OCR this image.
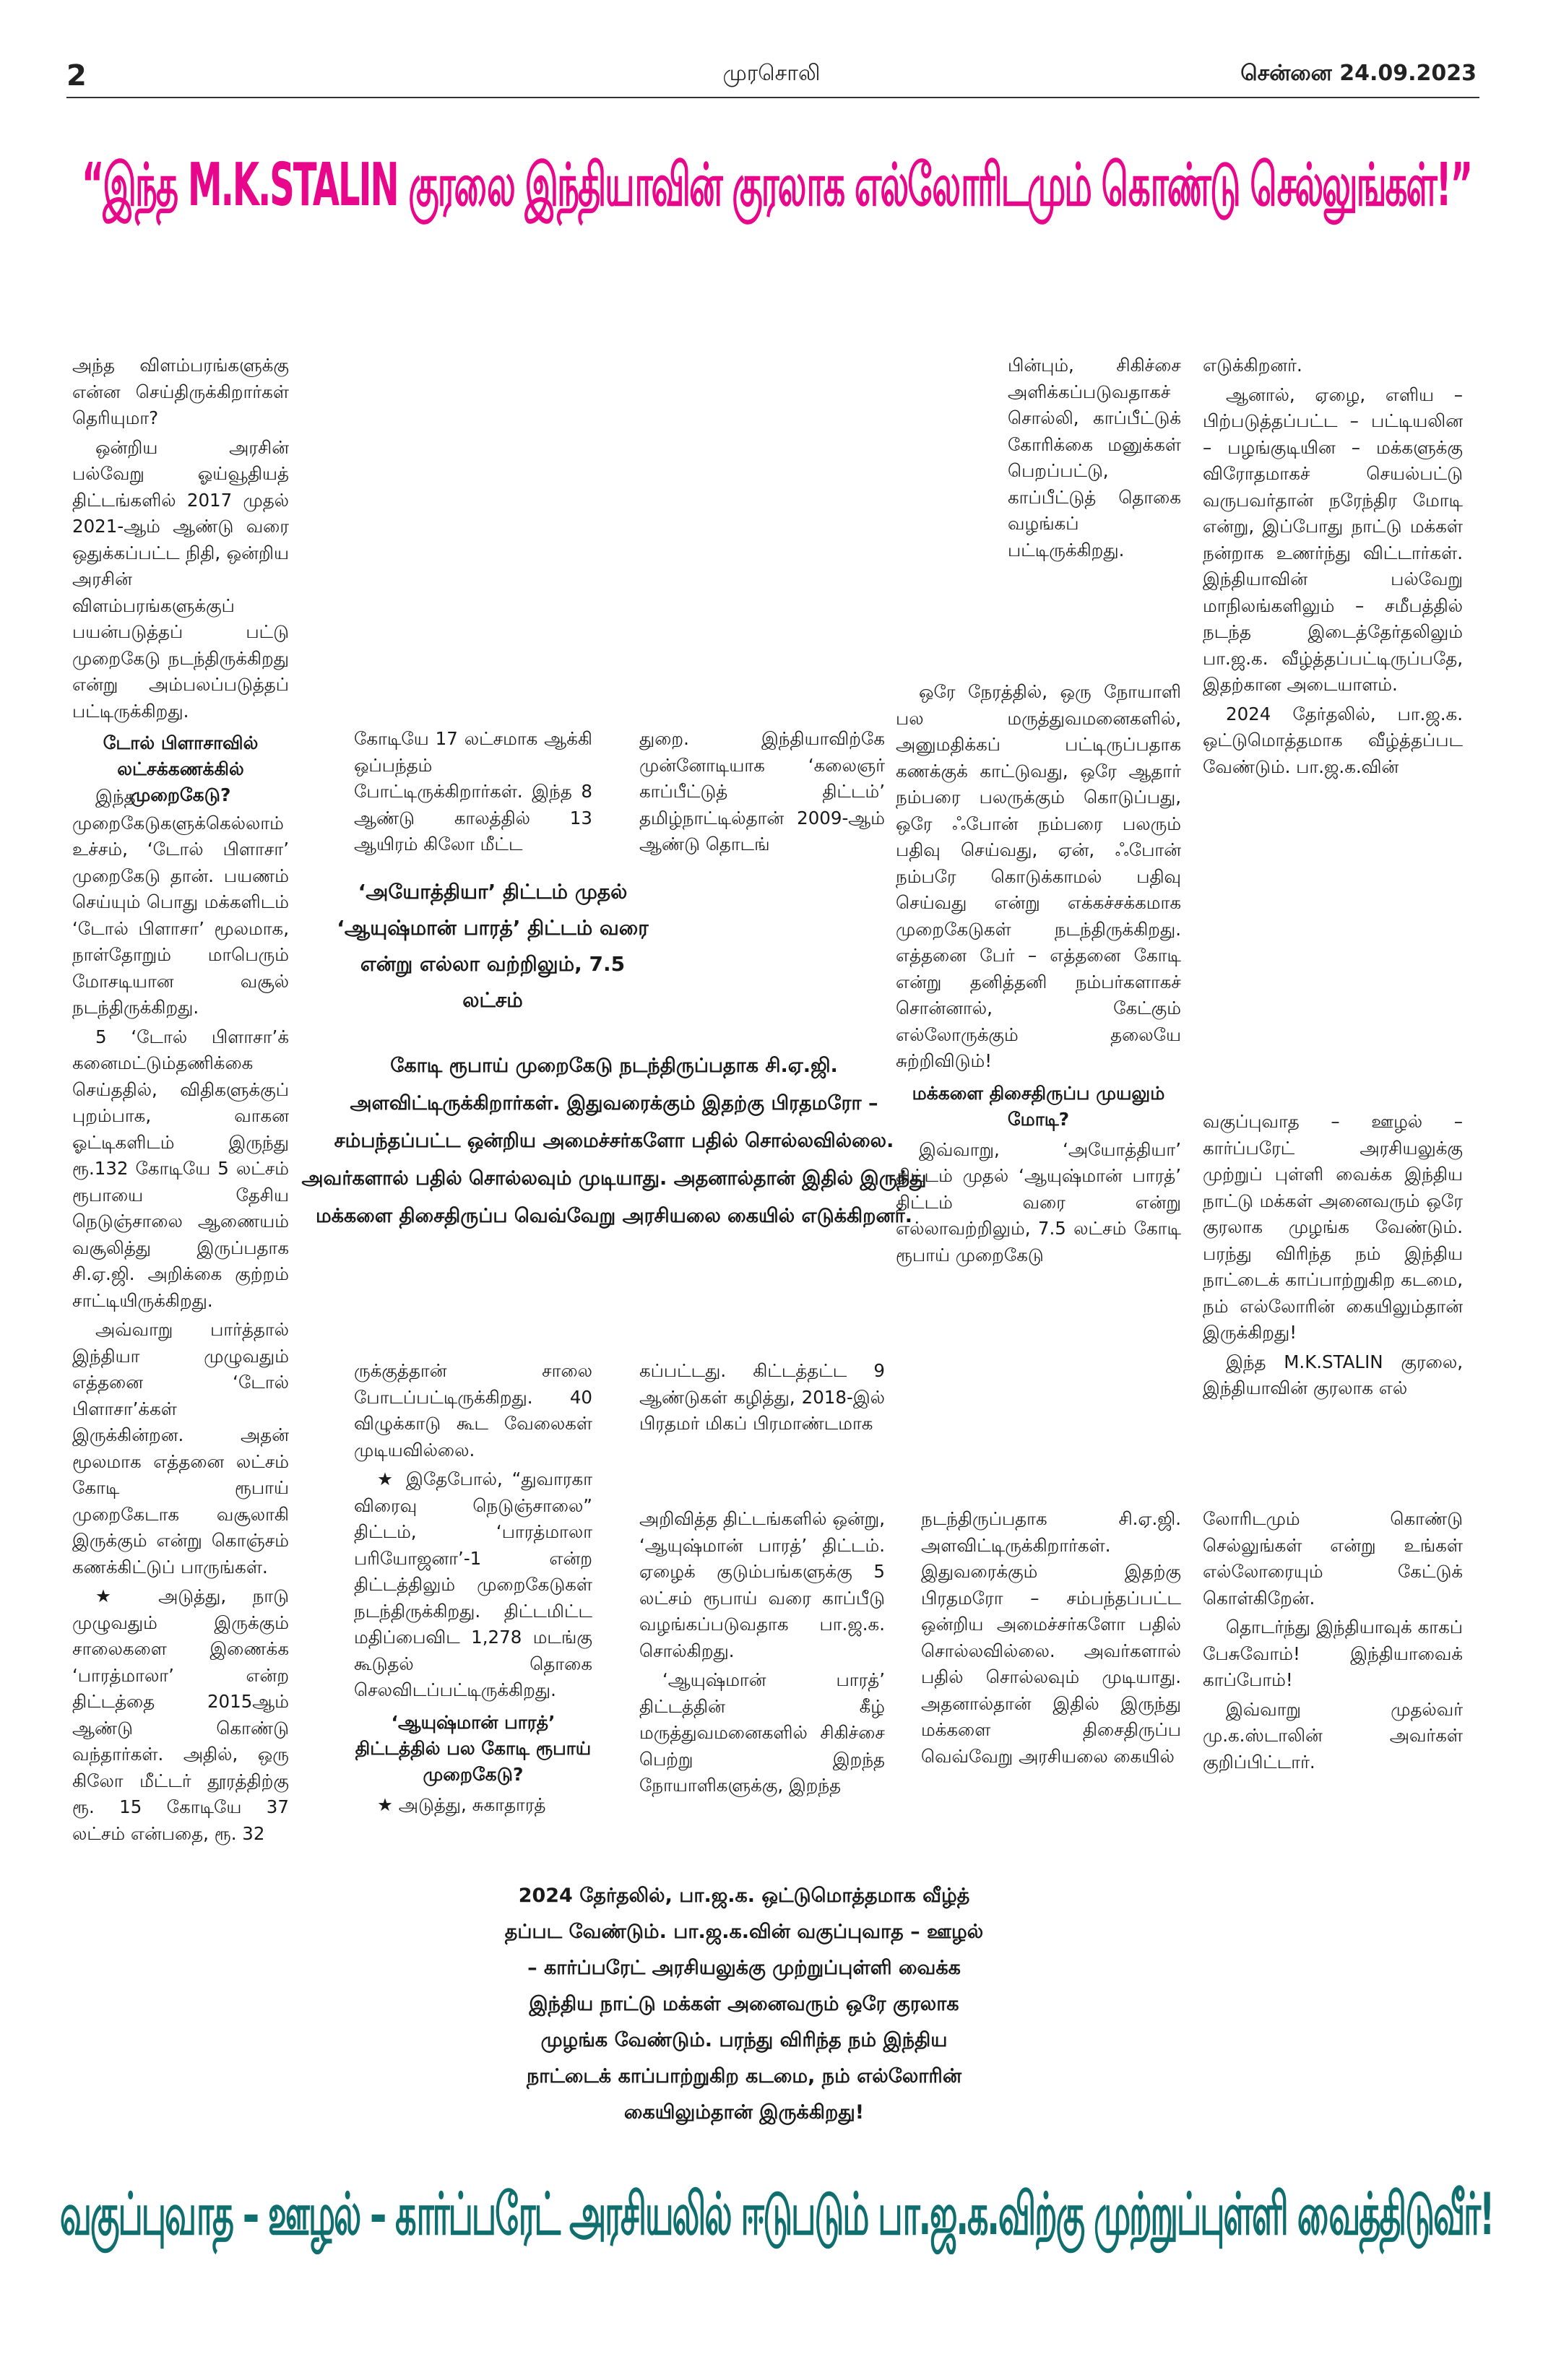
2	முரசொலி	சென்னை 24.09.2023
“இந்த M.K.STALIN குரலை இந்தியாவின் குரலாக எல்லோரிடமும் கொண்டு செல்லுங்கள்!”

அந்த விளம்பரங்களுக்கு என்ன செய்திருக்கிறார்கள் தெரியுமா?

ஒன்றிய அரசின் பல்வேறு ஓய்வூதியத் திட்டங்களில் 2017 முதல் 2021-ஆம் ஆண்டு வரை ஒதுக்கப்பட்ட நிதி, ஒன்றிய அரசின் விளம்பரங்களுக்குப் பயன்படுத்தப் பட்டு முறைகேடு நடந்திருக்கிறது என்று அம்பலப்படுத்தப் பட்டிருக்கிறது.

டோல் பிளாசாவில் லட்சக்கணக்கில் முறைகேடு?

இந்த முறைகேடுகளுக்கெல்லாம் உச்சம், ‘டோல் பிளாசா’ முறைகேடு தான். பயணம் செய்யும் பொது மக்களிடம் ‘டோல் பிளாசா’ மூலமாக, நாள்தோறும் மாபெரும் மோசடியான வசூல் நடந்திருக்கிறது.

5 ‘டோல் பிளாசா’க் கனைமட்டும்தணிக்கை செய்ததில், விதிகளுக்குப் புறம்பாக, வாகன ஓட்டிகளிடம் இருந்து ரூ.132 கோடியே 5 லட்சம் ரூபாயை தேசிய நெடுஞ்சாலை ஆணையம் வசூலித்து இருப்பதாக சி.ஏ.ஜி. அறிக்கை குற்றம் சாட்டியிருக்கிறது.

அவ்வாறு பார்த்தால் இந்தியா முழுவதும் எத்தனை ‘டோல் பிளாசா’க்கள் இருக்கின்றன. அதன் மூலமாக எத்தனை லட்சம் கோடி ரூபாய் முறைகேடாக வசூலாகி இருக்கும் என்று கொஞ்சம் கணக்கிட்டுப் பாருங்கள்.

★ அடுத்து, நாடு முழுவதும் இருக்கும் சாலைகளை இணைக்க ‘பாரத்மாலா’ என்ற திட்டத்தை 2015ஆம் ஆண்டு கொண்டு வந்தார்கள். அதில், ஒரு கிலோ மீட்டர் தூரத்திற்கு ரூ. 15 கோடியே 37 லட்சம் என்பதை, ரூ. 32

கோடியே 17 லட்சமாக ஆக்கி ஒப்பந்தம் போட்டிருக்கிறார்கள். இந்த 8 ஆண்டு காலத்தில் 13 ஆயிரம் கிலோ மீட்ட

ருக்குத்தான் சாலை போடப்பட்டிருக்கிறது. 40 விழுக்காடு கூட வேலைகள் முடியவில்லை.

★ இதேபோல், “துவாரகா விரைவு நெடுஞ்சாலை” திட்டம், ‘பாரத்மாலா பரியோஜனா’-1 என்ற திட்டத்திலும் முறைகேடுகள் நடந்திருக்கிறது. திட்டமிட்ட மதிப்பைவிட 1,278 மடங்கு கூடுதல் தொகை செலவிடப்பட்டிருக்கிறது.

‘ஆயுஷ்மான் பாரத்’ திட்டத்தில் பல கோடி ரூபாய் முறைகேடு?

★ அடுத்து, சுகாதாரத்

துறை. இந்தியாவிற்கே முன்னோடியாக ‘கலைஞர் காப்பீட்டுத் திட்டம்’ தமிழ்நாட்டில்தான் 2009-ஆம் ஆண்டு தொடங்

கப்பட்டது. கிட்டத்தட்ட 9 ஆண்டுகள் கழித்து, 2018-இல் பிரதமர் மிகப் பிரமாண்டமாக

அறிவித்த திட்டங்களில் ஒன்று, ‘ஆயுஷ்மான் பாரத்’ திட்டம். ஏழைக் குடும்பங்களுக்கு 5 லட்சம் ரூபாய் வரை காப்பீடு வழங்கப்படுவதாக பா.ஜ.க. சொல்கிறது.

‘ஆயுஷ்மான் பாரத்’ திட்டத்தின் கீழ் மருத்துவமனைகளில் சிகிச்சை பெற்று இறந்த நோயாளிகளுக்கு, இறந்த

பின்பும், சிகிச்சை அளிக்கப்படுவதாகச் சொல்லி, காப்பீட்டுக் கோரிக்கை மனுக்கள் பெறப்பட்டு, காப்பீட்டுத் தொகை வழங்கப் பட்டிருக்கிறது.

ஒரே நேரத்தில், ஒரு நோயாளி பல மருத்துவமனைகளில், அனுமதிக்கப் பட்டிருப்பதாக கணக்குக் காட்டுவது, ஒரே ஆதார் நம்பரை பலருக்கும் கொடுப்பது, ஒரே ஃபோன் நம்பரை பலரும் பதிவு செய்வது, ஏன், ஃபோன் நம்பரே கொடுக்காமல் பதிவு செய்வது என்று எக்கச்சக்கமாக முறைகேடுகள் நடந்திருக்கிறது. எத்தனை பேர் – எத்தனை கோடி என்று தனித்தனி நம்பர்களாகச் சொன்னால், கேட்கும் எல்லோருக்கும் தலையே சுற்றிவிடும்!

மக்களை திசைதிருப்ப முயலும் மோடி?

இவ்வாறு, ‘அயோத்தியா’ திட்டம் முதல் ‘ஆயுஷ்மான் பாரத்’ திட்டம் வரை என்று எல்லாவற்றிலும், 7.5 லட்சம் கோடி ரூபாய் முறைகேடு

நடந்திருப்பதாக சி.ஏ.ஜி. அளவிட்டிருக்கிறார்கள். இதுவரைக்கும் இதற்கு பிரதமரோ – சம்பந்தப்பட்ட ஒன்றிய அமைச்சர்களோ பதில் சொல்லவில்லை. அவர்களால் பதில் சொல்லவும் முடியாது. அதனால்தான் இதில் இருந்து மக்களை திசைதிருப்ப வெவ்வேறு அரசியலை கையில்

எடுக்கிறனர்.

ஆனால், ஏழை, எளிய – பிற்படுத்தப்பட்ட – பட்டியலின – பழங்குடியின – மக்களுக்கு விரோதமாகச் செயல்பட்டு வருபவர்தான் நரேந்திர மோடி என்று, இப்போது நாட்டு மக்கள் நன்றாக உணர்ந்து விட்டார்கள். இந்தியாவின் பல்வேறு மாநிலங்களிலும் – சமீபத்தில் நடந்த இடைத்தேர்தலிலும் பா.ஜ.க. வீழ்த்தப்பட்டிருப்பதே, இதற்கான அடையாளம்.

2024 தேர்தலில், பா.ஜ.க. ஒட்டுமொத்தமாக வீழ்த்தப்பட வேண்டும். பா.ஜ.க.வின்

வகுப்புவாத – ஊழல் – கார்ப்பரேட் அரசியலுக்கு முற்றுப் புள்ளி வைக்க இந்திய நாட்டு மக்கள் அனைவரும் ஒரே குரலாக முழங்க வேண்டும். பரந்து விரிந்த நம் இந்திய நாட்டைக் காப்பாற்றுகிற கடமை, நம் எல்லோரின் கையிலும்தான் இருக்கிறது!

இந்த M.K.STALIN குரலை, இந்தியாவின் குரலாக எல்

லோரிடமும் கொண்டு செல்லுங்கள் என்று உங்கள் எல்லோரையும் கேட்டுக் கொள்கிறேன்.

தொடர்ந்து இந்தியாவுக் காகப் பேசுவோம்! இந்தியாவைக் காப்போம்!

இவ்வாறு முதல்வர் மு.க.ஸ்டாலின் அவர்கள் குறிப்பிட்டார்.

‘அயோத்தியா’ திட்டம் முதல் ‘ஆயுஷ்மான் பாரத்’ திட்டம் வரை என்று எல்லா வற்றிலும், 7.5 லட்சம்
கோடி ரூபாய் முறைகேடு நடந்திருப்பதாக சி.ஏ.ஜி. அளவிட்டிருக்கிறார்கள். இதுவரைக்கும் இதற்கு பிரதமரோ – சம்பந்தப்பட்ட ஒன்றிய அமைச்சர்களோ பதில் சொல்லவில்லை. அவர்களால் பதில் சொல்லவும் முடியாது. அதனால்தான் இதில் இருந்து மக்களை திசைதிருப்ப வெவ்வேறு அரசியலை கையில் எடுக்கிறனர்.
2024 தேர்தலில், பா.ஜ.க. ஒட்டுமொத்தமாக வீழ்த் தப்பட வேண்டும். பா.ஜ.க.வின் வகுப்புவாத – ஊழல் – கார்ப்பரேட் அரசியலுக்கு முற்றுப்புள்ளி வைக்க இந்திய நாட்டு மக்கள் அனைவரும் ஒரே குரலாக முழங்க வேண்டும். பரந்து விரிந்த நம் இந்திய நாட்டைக் காப்பாற்றுகிற கடமை, நம் எல்லோரின் கையிலும்தான் இருக்கிறது!
வகுப்புவாத – ஊழல் – கார்ப்பரேட் அரசியலில் ஈடுபடும் பா.ஜ.க.விற்கு முற்றுப்புள்ளி வைத்திடுவீர்!
